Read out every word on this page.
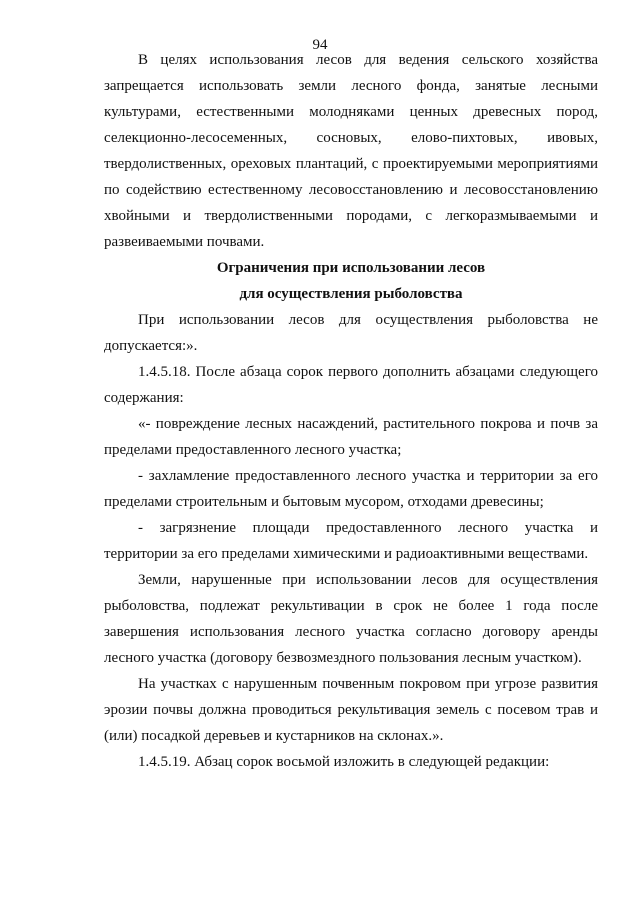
94

В целях использования лесов для ведения сельского хозяйства запрещается использовать земли лесного фонда, занятые лесными культурами, естественными молодняками ценных древесных пород, селекционно-лесосеменных, сосновых, елово-пихтовых, ивовых, твердолиственных, ореховых плантаций, с проектируемыми мероприятиями по содействию естественному лесовосстановлению и лесовосстановлению хвойными и твердолиственными породами, с легкоразмываемыми и развеиваемыми почвами.

Ограничения при использовании лесов

для осуществления рыболовства

При использовании лесов для осуществления рыболовства не допускается:».

1.4.5.18. После абзаца сорок первого дополнить абзацами следующего содержания:

«- повреждение лесных насаждений, растительного покрова и почв за пределами предоставленного лесного участка;

- захламление предоставленного лесного участка и территории за его пределами строительным и бытовым мусором, отходами древесины;

- загрязнение площади предоставленного лесного участка и территории за его пределами химическими и радиоактивными веществами.

Земли, нарушенные при использовании лесов для осуществления рыболовства, подлежат рекультивации в срок не более 1 года после завершения использования лесного участка согласно договору аренды лесного участка (договору безвозмездного пользования лесным участком).

На участках с нарушенным почвенным покровом при угрозе развития эрозии почвы должна проводиться рекультивация земель с посевом трав и (или) посадкой деревьев и кустарников на склонах.».

1.4.5.19. Абзац сорок восьмой изложить в следующей редакции:
